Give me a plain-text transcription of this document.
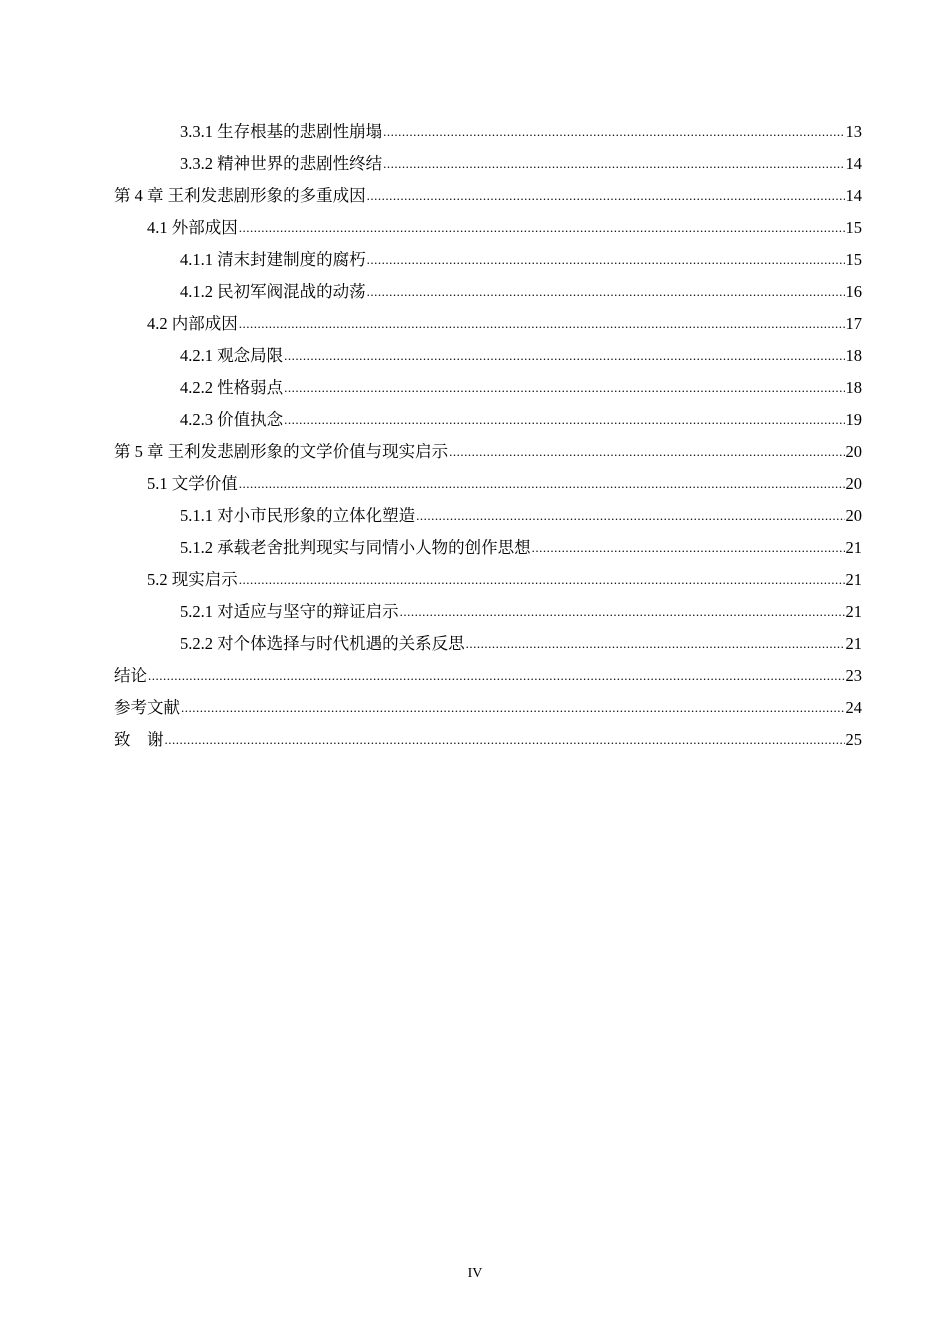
3.3.1 生存根基的悲剧性崩塌 .....	13
3.3.2 精神世界的悲剧性终结 .....	14
第 4 章 王利发悲剧形象的多重成因 .....	14
4.1 外部成因 .....	15
4.1.1 清末封建制度的腐朽 .....	15
4.1.2 民初军阀混战的动荡 .....	16
4.2 内部成因 .....	17
4.2.1 观念局限 .....	18
4.2.2 性格弱点 .....	18
4.2.3 价值执念 .....	19
第 5 章 王利发悲剧形象的文学价值与现实启示 .....	20
5.1 文学价值 .....	20
5.1.1 对小市民形象的立体化塑造 .....	20
5.1.2 承载老舍批判现实与同情小人物的创作思想 .....	21
5.2 现实启示 .....	21
5.2.1 对适应与坚守的辩证启示 .....	21
5.2.2 对个体选择与时代机遇的关系反思 .....	21
结论 .....	23
参考文献 .....	24
致    谢 .....	25
IV
